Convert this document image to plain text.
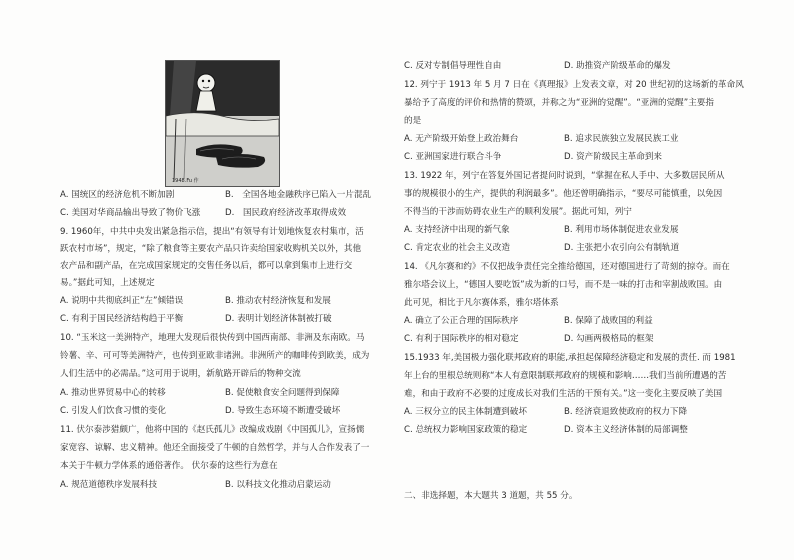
1948.Fu 作
A. 国统区的经济危机不断加剧	B.　全国各地金融秩序已陷入一片混乱
C. 美国对华商品输出导致了物价飞涨	D.　国民政府经济改革取得成效
9. 1960年，中共中央发出紧急指示信，提出“有领导有计划地恢复农村集市，活
跃农村市场”，规定，“除了粮食等主要农产品只许卖给国家收购机关以外，其他
农产品和副产品，在完成国家规定的交售任务以后，都可以拿到集市上进行交
易。”据此可知，上述规定
A. 说明中共彻底纠正“左”倾错误	B. 推动农村经济恢复和发展
C. 有利于国民经济结构趋于平衡	D. 表明计划经济体制被打破
10. “玉米这一美洲特产，地理大发现后很快传到中国西南部、非洲及东南欧。马
铃薯、辛、可可等美洲特产，也传到亚欧非诸洲。非洲所产的咖啡传到欧美，成为
人们生活中的必需品。”这可用于说明，新航路开辟后的物种交流
A. 推动世界贸易中心的转移	B. 促使粮食安全问题得到保障
C. 引发人们饮食习惯的变化	D. 导致生态环境不断遭受破坏
11. 伏尔泰涉猎颇广，他将中国的《赵氏孤儿》改编成戏剧《中国孤儿》，宣扬儒
家宽容、谅解、忠义精神。他还全面接受了牛顿的自然哲学，并与人合作发表了一
本关于牛顿力学体系的通俗著作。 伏尔泰的这些行为意在
A. 规范道德秩序发展科技	B. 以科技文化推动启蒙运动
C. 反对专制倡导理性自由	D. 助推资产阶级革命的爆发
12. 列宁于 1913 年 5 月 7 日在《真理报》上发表文章，对 20 世纪初的这场新的革命风
暴给予了高度的评价和热情的赞颂，并称之为“亚洲的觉醒”。“亚洲的觉醒”主要指
的是
A. 无产阶级开始登上政治舞台	B. 追求民族独立发展民族工业
C. 亚洲国家进行联合斗争	D. 资产阶级民主革命到来
13. 1922 年，列宁在答复外国记者提问时说到，“掌握在私人手中、大多数居民所从
事的规模很小的生产，提供的利润最多”。他还曾明确指示，“要尽可能慎重，以免因
不得当的干涉而妨碍农业生产的顺利发展”。据此可知，列宁
A. 支持经济中出现的新气象	B. 利用市场体制促进农业发展
C. 肯定农业的社会主义改造	D. 主张把小农引向公有制轨道
14. 《凡尔赛和约》不仅把战争责任完全推给德国，还对德国进行了苛刻的掠夺。而在
雅尔塔会议上，“德国人要吃饭”成为新的口号，而不是一味的打击和宰割战败国。由
此可见，相比于凡尔赛体系，雅尔塔体系
A. 确立了公正合理的国际秩序	B. 保障了战败国的利益
C. 有利于国际秩序的相对稳定	D. 勾画两极格局的框架
15.1933 年,美国极力强化联邦政府的职能,承担起保障经济稳定和发展的责任. 而 1981
年上台的里根总统则称“本人有意限制联邦政府的规模和影响……我们当前所遭遇的苦
难，和由于政府不必要的过度成长对我们生活的干预有关。”这一变化主要反映了美国
A. 三权分立的民主体制遭到破坏	B. 经济衰退致使政府的权力下降
C. 总统权力影响国家政策的稳定	D. 资本主义经济体制的局部调整
二、非选择题，本大题共 3 道题，共 55 分。
